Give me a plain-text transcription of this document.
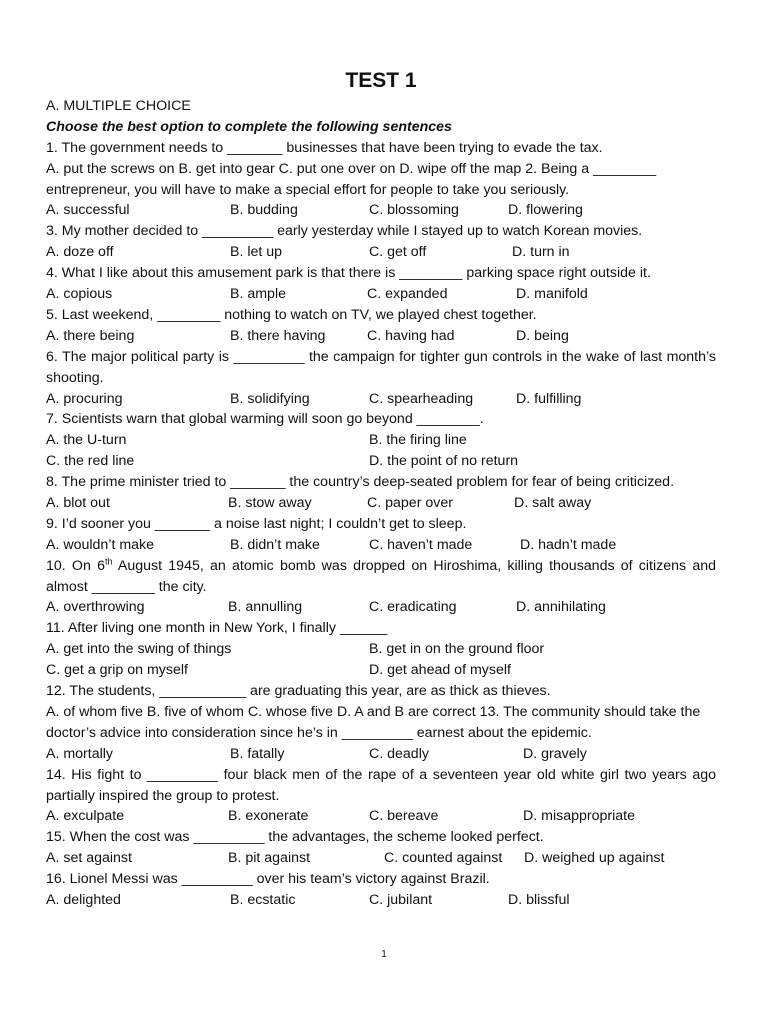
TEST 1
A. MULTIPLE CHOICE
Choose the best option to complete the following sentences
1. The government needs to _______ businesses that have been trying to evade the tax.
A. put the screws on B. get into gear C. put one over on D. wipe off the map 2. Being a ________ entrepreneur, you will have to make a special effort for people to take you seriously.
A. successful	B. budding	C. blossoming	D. flowering
3. My mother decided to _________ early yesterday while I stayed up to watch Korean movies.
A. doze off	B. let up	C. get off	D. turn in
4. What I like about this amusement park is that there is ________ parking space right outside it.
A. copious	B. ample	C. expanded	D. manifold
5. Last weekend, ________ nothing to watch on TV, we played chest together.
A. there being	B. there having	C. having had	D. being
6. The major political party is _________ the campaign for tighter gun controls in the wake of last month’s shooting.
A. procuring	B. solidifying	C. spearheading	D. fulfilling
7. Scientists warn that global warming will soon go beyond ________.
A. the U-turn	B. the firing line
C. the red line	D. the point of no return
8. The prime minister tried to _______ the country’s deep-seated problem for fear of being criticized.
A. blot out	B. stow away	C. paper over	D. salt away
9. I’d sooner you _______ a noise last night; I couldn’t get to sleep.
A. wouldn’t make	B. didn’t make	C. haven’t made	D. hadn’t made
10. On 6th August 1945, an atomic bomb was dropped on Hiroshima, killing thousands of citizens and almost ________ the city.
A. overthrowing	B. annulling	C. eradicating	D. annihilating
11. After living one month in New York, I finally ______
A. get into the swing of things	B. get in on the ground floor
C. get a grip on myself	D. get ahead of myself
12. The students, ___________ are graduating this year, are as thick as thieves.
A. of whom five B. five of whom C. whose five D. A and B are correct 13. The community should take the doctor’s advice into consideration since he’s in _________ earnest about the epidemic.
A. mortally	B. fatally	C. deadly	D. gravely
14. His fight to _________ four black men of the rape of a seventeen year old white girl two years ago partially inspired the group to protest.
A. exculpate	B. exonerate	C. bereave	D. misappropriate
15. When the cost was _________ the advantages, the scheme looked perfect.
A. set against	B. pit against	C. counted against D. weighed up against
16. Lionel Messi was _________ over his team’s victory against Brazil.
A. delighted	B. ecstatic	C. jubilant	D. blissful
1
